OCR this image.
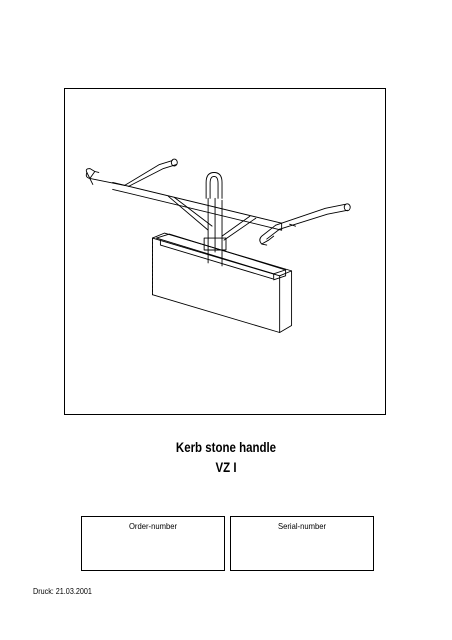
Kerb stone handle
VZ I
Order-number	Serial-number
Druck: 21.03.2001
